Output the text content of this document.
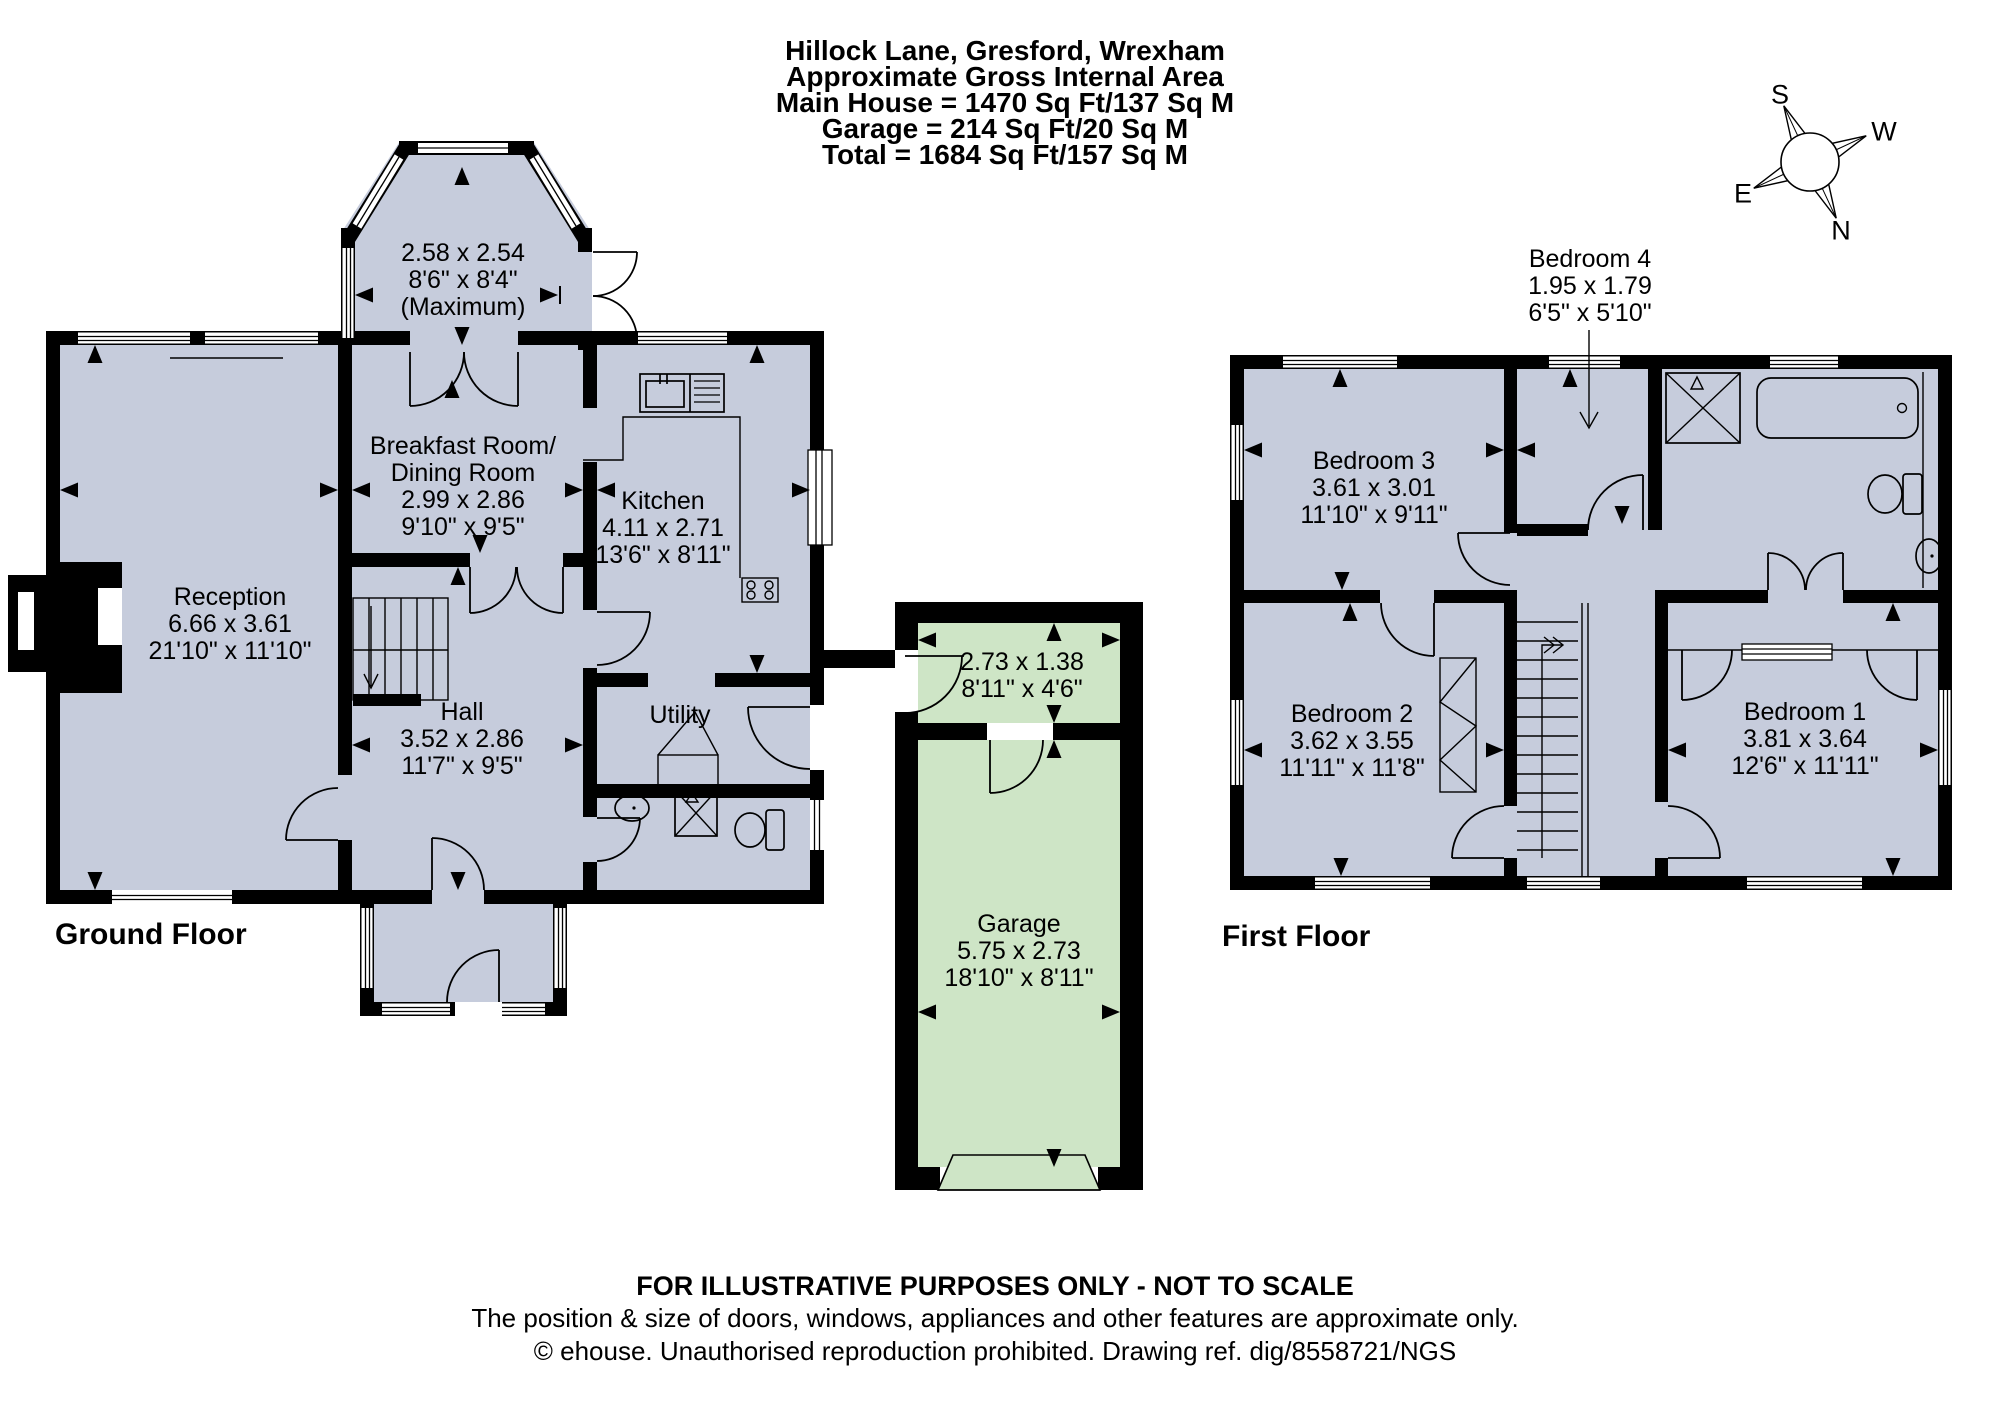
Hillock Lane, Gresford, Wrexham
Approximate Gross Internal Area
Main House = 1470 Sq Ft/137 Sq M
Garage = 214 Sq Ft/20 Sq M
Total = 1684 Sq Ft/157 Sq M
S
W
E
N
2.58 x 2.54
8'6" x 8'4"
(Maximum)
Breakfast Room/
Dining Room
2.99 x 2.86
9'10" x 9'5"
Kitchen
4.11 x 2.71
13'6" x 8'11"
Reception
6.66 x 3.61
21'10" x 11'10"
Hall
3.52 x 2.86
11'7" x 9'5"
Utility
2.73 x 1.38
8'11" x 4'6"
Garage
5.75 x 2.73
18'10" x 8'11"
Bedroom 4
1.95 x 1.79
6'5" x 5'10"
Bedroom 3
3.61 x 3.01
11'10" x 9'11"
Bedroom 2
3.62 x 3.55
11'11" x 11'8"
Bedroom 1
3.81 x 3.64
12'6" x 11'11"
Ground Floor	First Floor
FOR ILLUSTRATIVE PURPOSES ONLY - NOT TO SCALE
The position & size of doors, windows, appliances and other features are approximate only.
© ehouse. Unauthorised reproduction prohibited. Drawing ref. dig/8558721/NGS
